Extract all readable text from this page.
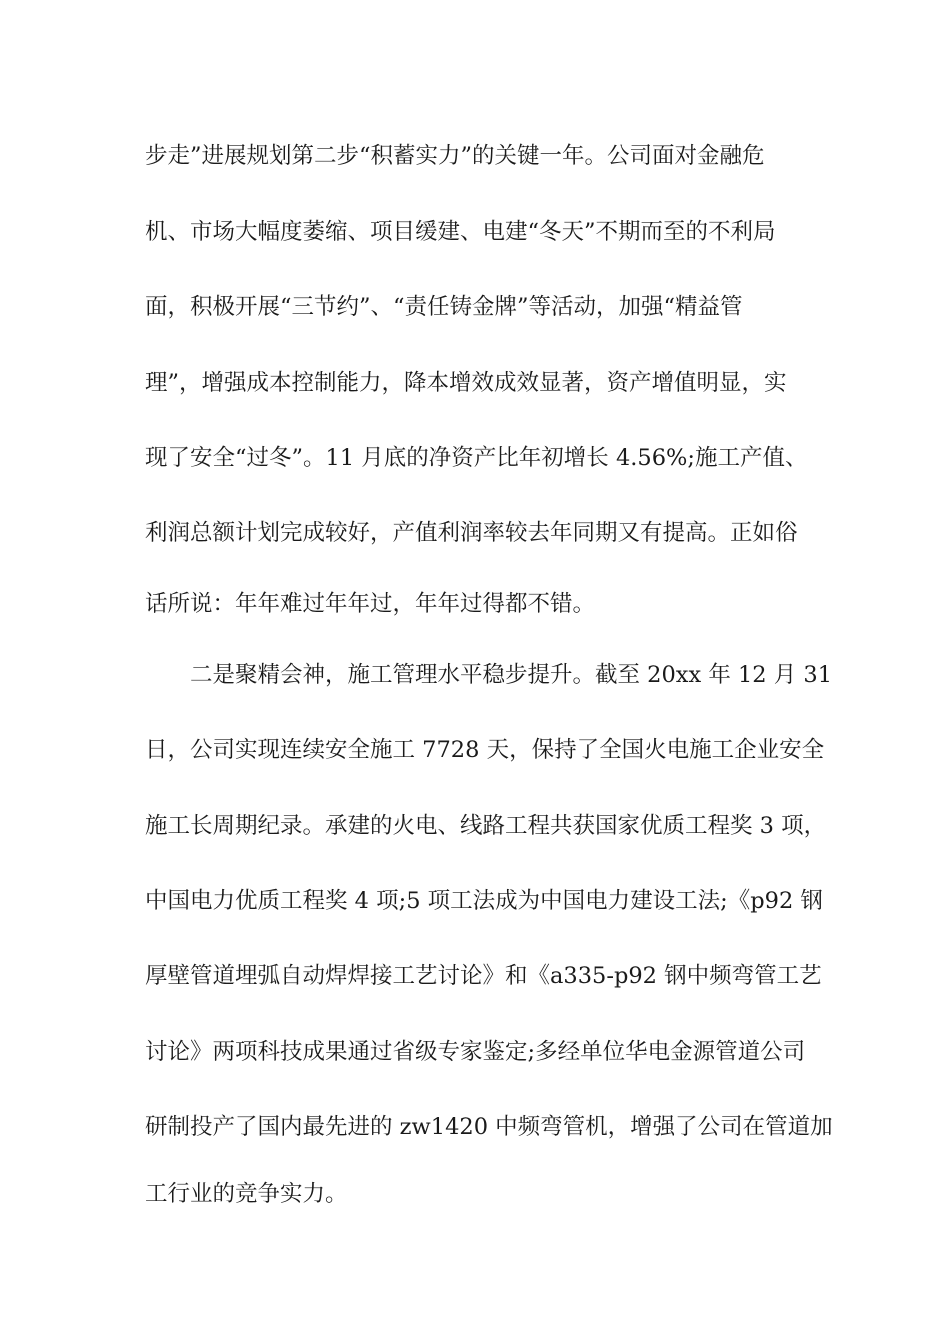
步走”进展规划第二步“积蓄实力”的关键一年。公司面对金融危
机、市场大幅度萎缩、项目缓建、电建“冬天”不期而至的不利局
面，积极开展“三节约”、“责任铸金牌”等活动，加强“精益管
理”，增强成本控制能力，降本增效成效显著，资产增值明显，实
现了安全“过冬”。11 月底的净资产比年初增长 4.56%;施工产值、
利润总额计划完成较好，产值利润率较去年同期又有提高。正如俗
话所说：年年难过年年过，年年过得都不错。
二是聚精会神，施工管理水平稳步提升。截至 20xx 年 12 月 31
日，公司实现连续安全施工 7728 天，保持了全国火电施工企业安全
施工长周期纪录。承建的火电、线路工程共获国家优质工程奖 3 项，
中国电力优质工程奖 4 项;5 项工法成为中国电力建设工法;《p92 钢
厚壁管道埋弧自动焊焊接工艺讨论》和《a335-p92 钢中频弯管工艺
讨论》两项科技成果通过省级专家鉴定;多经单位华电金源管道公司
研制投产了国内最先进的 zw1420 中频弯管机，增强了公司在管道加
工行业的竞争实力。
